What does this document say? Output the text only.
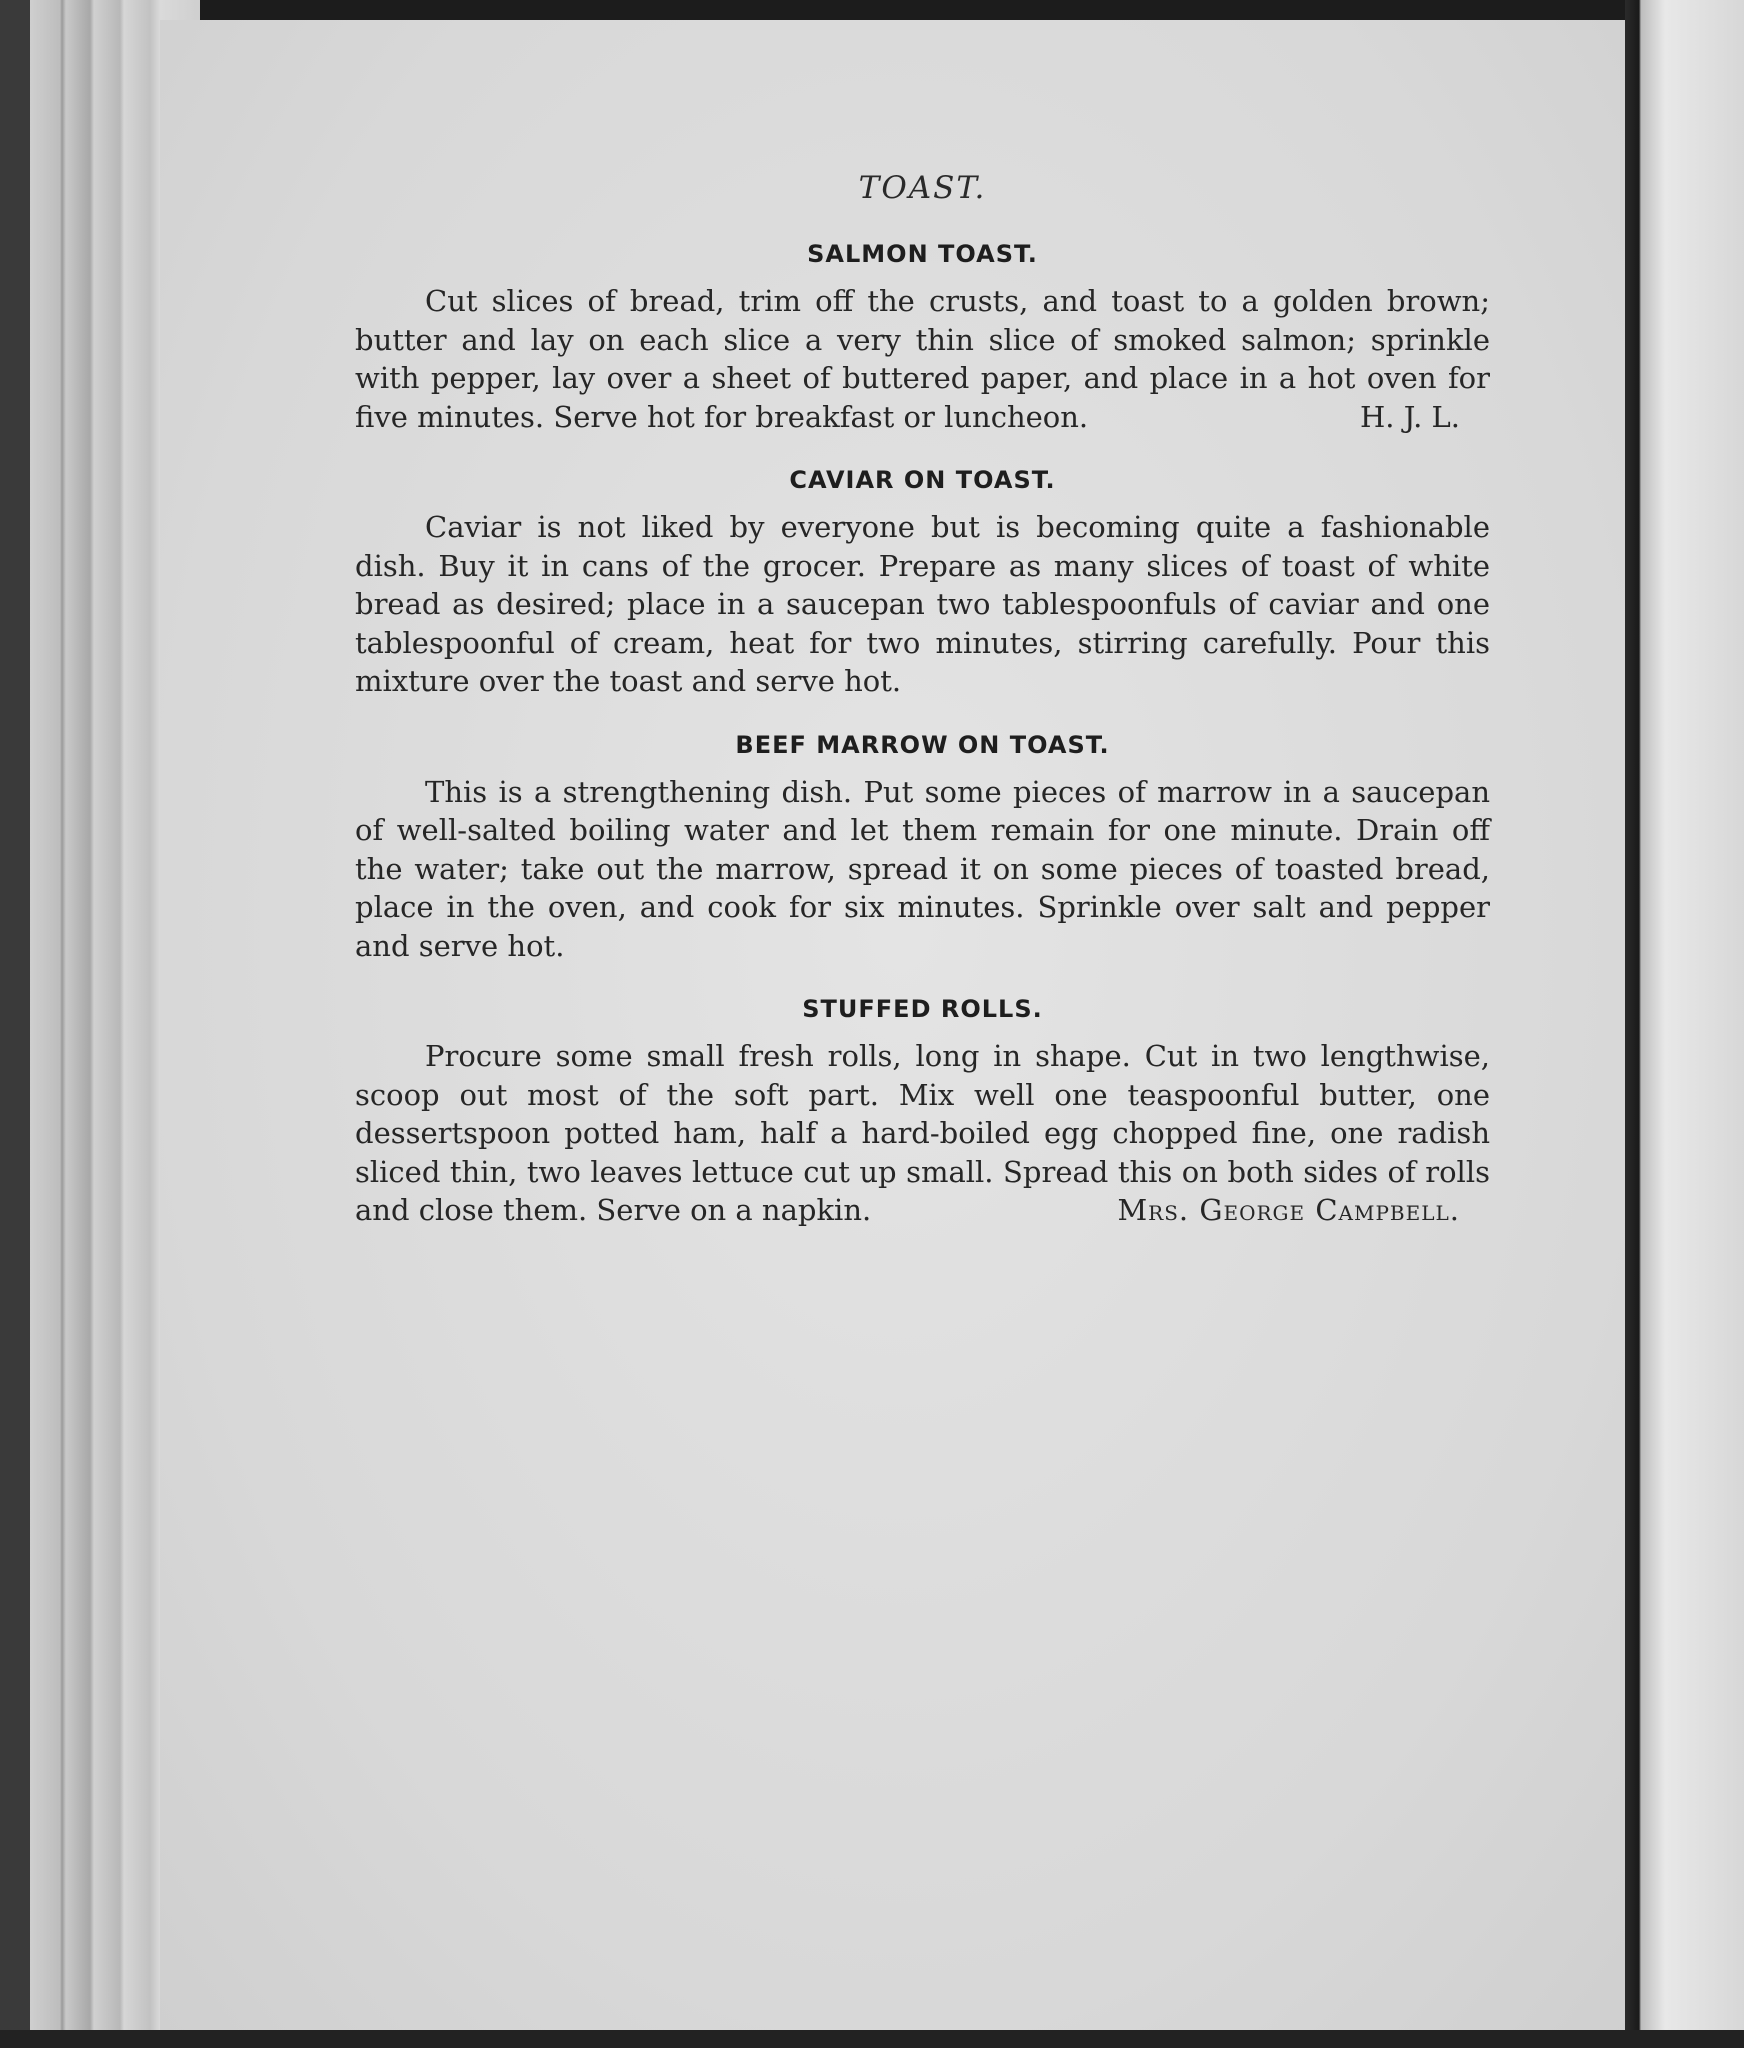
TOAST.
SALMON TOAST.

Cut slices of bread, trim off the crusts, and toast to a golden brown; butter and lay on each slice a very thin slice of smoked salmon; sprinkle with pepper, lay over a sheet of buttered paper, and place in a hot oven for five minutes. Serve hot for breakfast or luncheon.	H. J. L.

CAVIAR ON TOAST.

Caviar is not liked by everyone but is becoming quite a fashionable dish. Buy it in cans of the grocer. Prepare as many slices of toast of white bread as desired; place in a saucepan two tablespoonfuls of caviar and one tablespoonful of cream, heat for two minutes, stirring carefully. Pour this mixture over the toast and serve hot.

BEEF MARROW ON TOAST.

This is a strengthening dish. Put some pieces of marrow in a saucepan of well-salted boiling water and let them remain for one minute. Drain off the water; take out the marrow, spread it on some pieces of toasted bread, place in the oven, and cook for six minutes. Sprinkle over salt and pepper and serve hot.

STUFFED ROLLS.

Procure some small fresh rolls, long in shape. Cut in two lengthwise, scoop out most of the soft part. Mix well one teaspoonful butter, one dessertspoon potted ham, half a hard-boiled egg chopped fine, one radish sliced thin, two leaves lettuce cut up small. Spread this on both sides of rolls and close them. Serve on a napkin.	Mrs. George Campbell.
